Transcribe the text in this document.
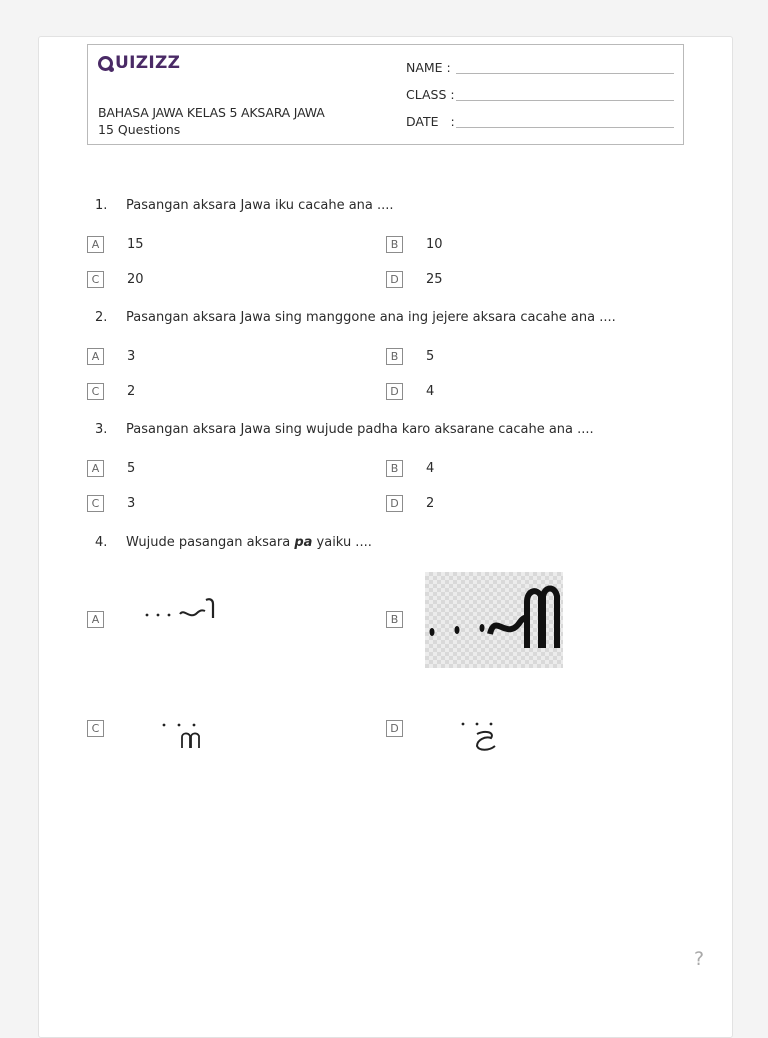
UIZIZZ
BAHASA JAWA KELAS 5 AKSARA JAWA
15 Questions
NAME :
CLASS :
DATE   :
1. Pasangan aksara Jawa iku cacahe ana ....
A	15	B	10
C	20	D	25
2. Pasangan aksara Jawa sing manggone ana ing jejere aksara cacahe ana ....
A	3	B	5
C	2	D	4
3. Pasangan aksara Jawa sing wujude padha karo aksarane cacahe ana ....
A	5	B	4
C	3	D	2
4. Wujude pasangan aksara pa yaiku ....
A	B
C	D
?
